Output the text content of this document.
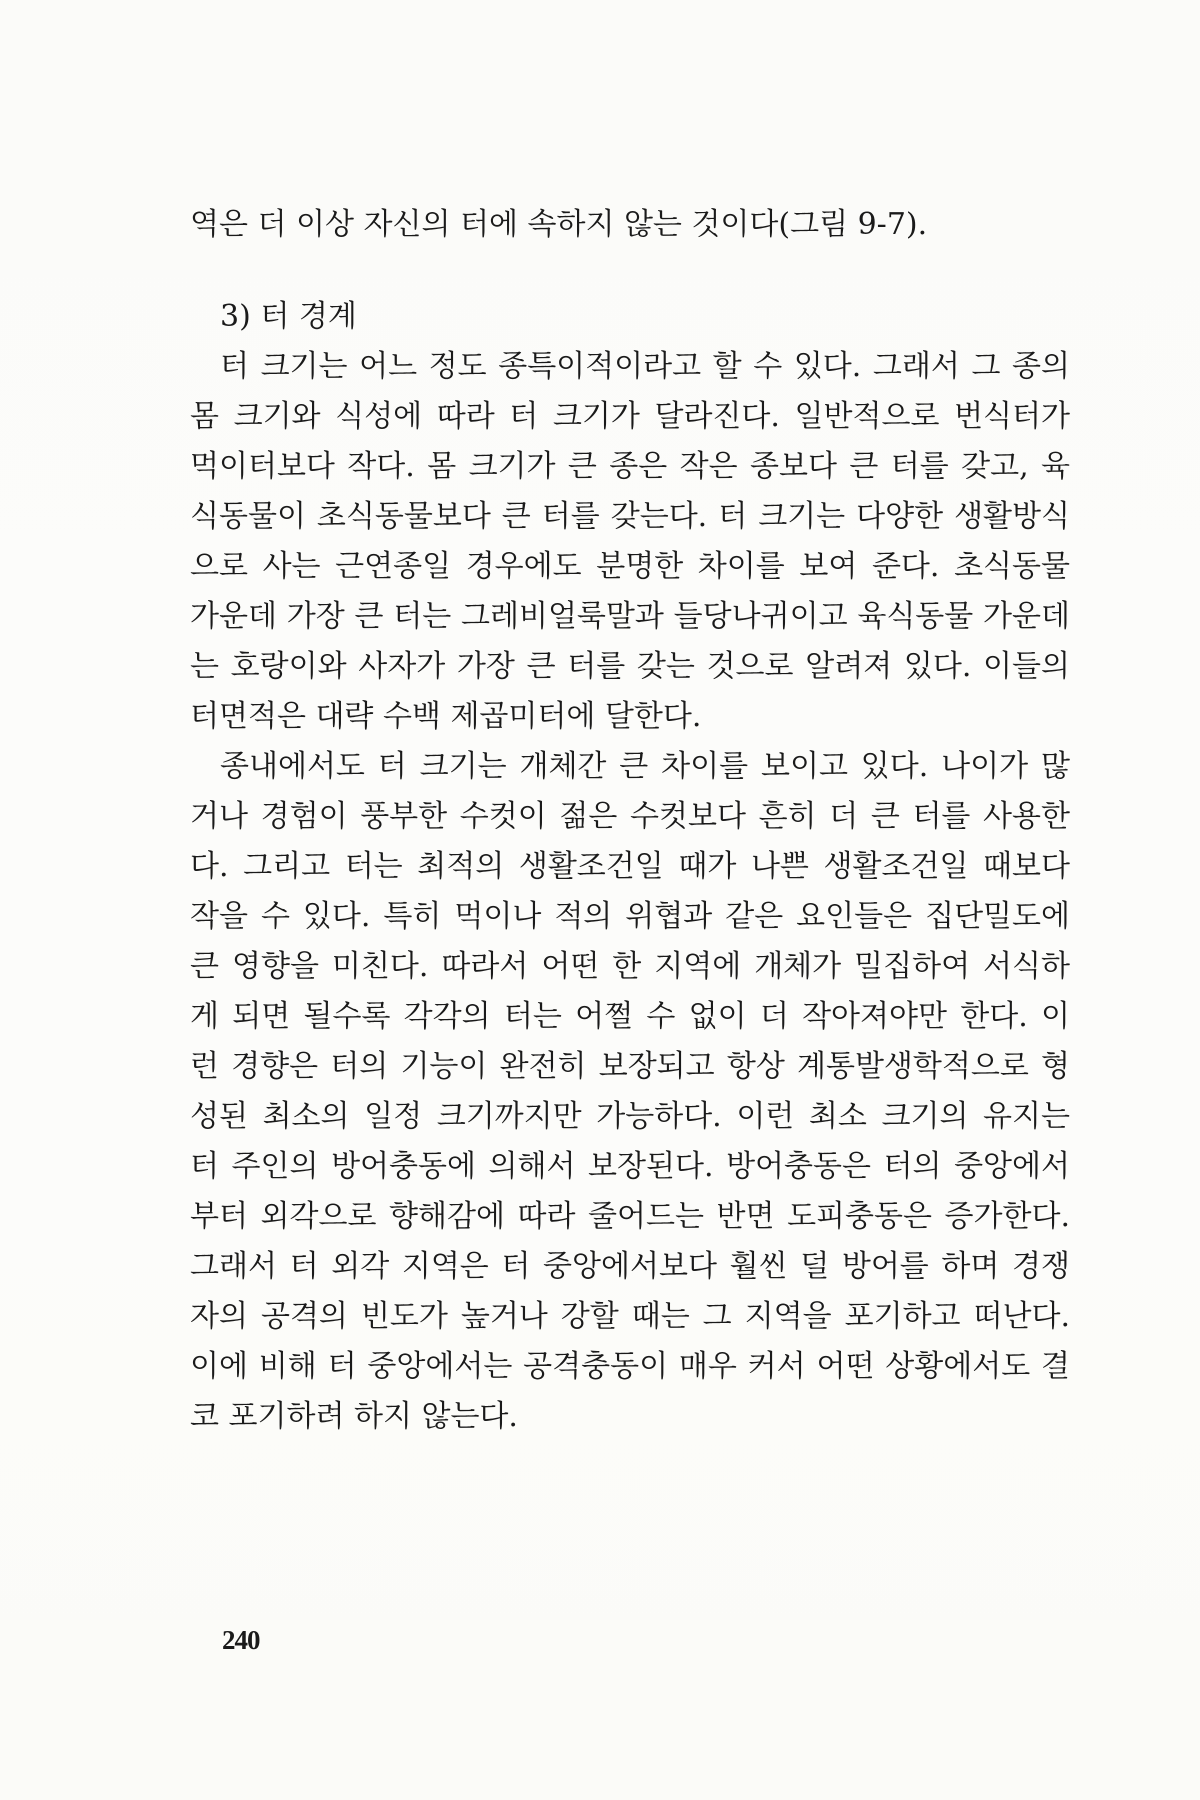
역은 더 이상 자신의 터에 속하지 않는 것이다(그림 9-7).
3) 터 경계
터 크기는 어느 정도 종특이적이라고 할 수 있다. 그래서 그 종의
몸 크기와 식성에 따라 터 크기가 달라진다. 일반적으로 번식터가
먹이터보다 작다. 몸 크기가 큰 종은 작은 종보다 큰 터를 갖고, 육
식동물이 초식동물보다 큰 터를 갖는다. 터 크기는 다양한 생활방식
으로 사는 근연종일 경우에도 분명한 차이를 보여 준다. 초식동물
가운데 가장 큰 터는 그레비얼룩말과 들당나귀이고 육식동물 가운데
는 호랑이와 사자가 가장 큰 터를 갖는 것으로 알려져 있다. 이들의
터면적은 대략 수백 제곱미터에 달한다.
종내에서도 터 크기는 개체간 큰 차이를 보이고 있다. 나이가 많
거나 경험이 풍부한 수컷이 젊은 수컷보다 흔히 더 큰 터를 사용한
다. 그리고 터는 최적의 생활조건일 때가 나쁜 생활조건일 때보다
작을 수 있다. 특히 먹이나 적의 위협과 같은 요인들은 집단밀도에
큰 영향을 미친다. 따라서 어떤 한 지역에 개체가 밀집하여 서식하
게 되면 될수록 각각의 터는 어쩔 수 없이 더 작아져야만 한다. 이
런 경향은 터의 기능이 완전히 보장되고 항상 계통발생학적으로 형
성된 최소의 일정 크기까지만 가능하다. 이런 최소 크기의 유지는
터 주인의 방어충동에 의해서 보장된다. 방어충동은 터의 중앙에서
부터 외각으로 향해감에 따라 줄어드는 반면 도피충동은 증가한다.
그래서 터 외각 지역은 터 중앙에서보다 훨씬 덜 방어를 하며 경쟁
자의 공격의 빈도가 높거나 강할 때는 그 지역을 포기하고 떠난다.
이에 비해 터 중앙에서는 공격충동이 매우 커서 어떤 상황에서도 결
코 포기하려 하지 않는다.
240
